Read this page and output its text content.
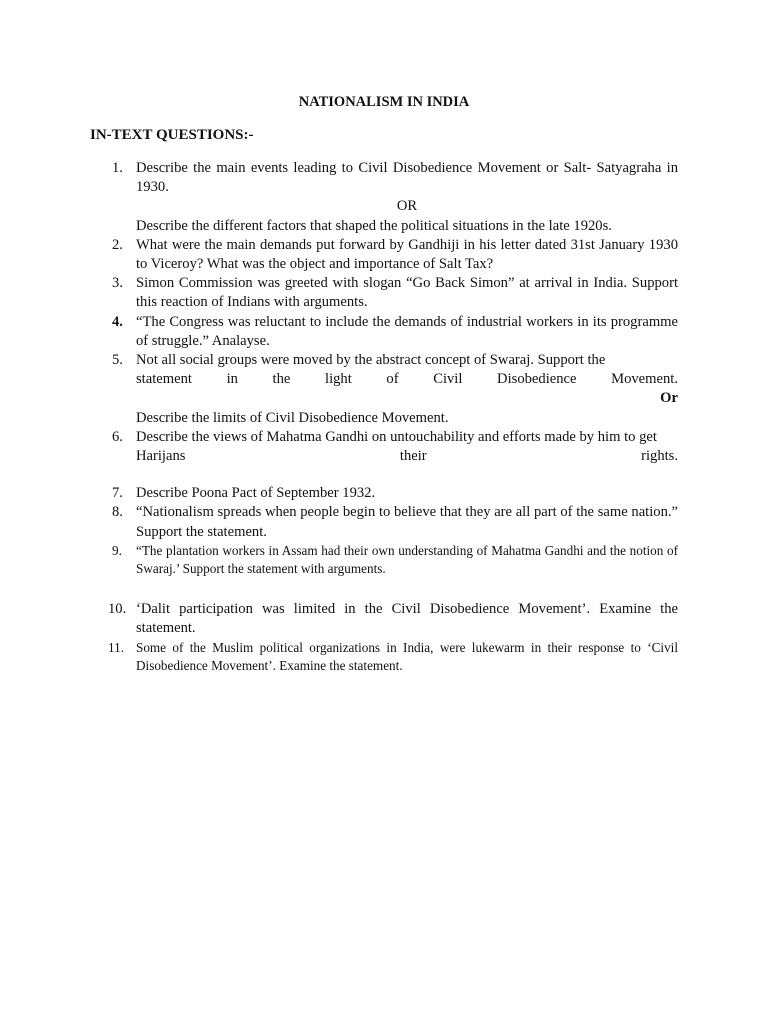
NATIONALISM IN INDIA
IN-TEXT QUESTIONS:-
1. Describe the main events leading to Civil Disobedience Movement or Salt- Satyagraha in 1930.

OR

Describe the different factors that shaped the political situations in the late 1920s.

2. What were the main demands put forward by Gandhiji in his letter dated 31st January 1930 to Viceroy? What was the object and importance of Salt Tax?

3. Simon Commission was greeted with slogan “Go Back Simon” at arrival in India. Support this reaction of Indians with arguments.

4. “The Congress was reluctant to include the demands of industrial workers in its programme of struggle.” Analayse.

5. Not all social groups were moved by the abstract concept of Swaraj. Support the

statement in the light of Civil Disobedience Movement.

Or

Describe the limits of Civil Disobedience Movement.

6. Describe the views of Mahatma Gandhi on untouchability and efforts made by him to get

Harijans their rights.

7. Describe Poona Pact of September 1932.

8. “Nationalism spreads when people begin to believe that they are all part of the same nation.” Support the statement.

9.	“The plantation workers in Assam had their own understanding of Mahatma Gandhi and the notion of Swaraj.’ Support the statement with arguments.

10. ‘Dalit participation was limited in the Civil Disobedience Movement’. Examine the statement.

11. Some of the Muslim political organizations in India, were lukewarm in their response to ‘Civil Disobedience Movement’. Examine the statement.
